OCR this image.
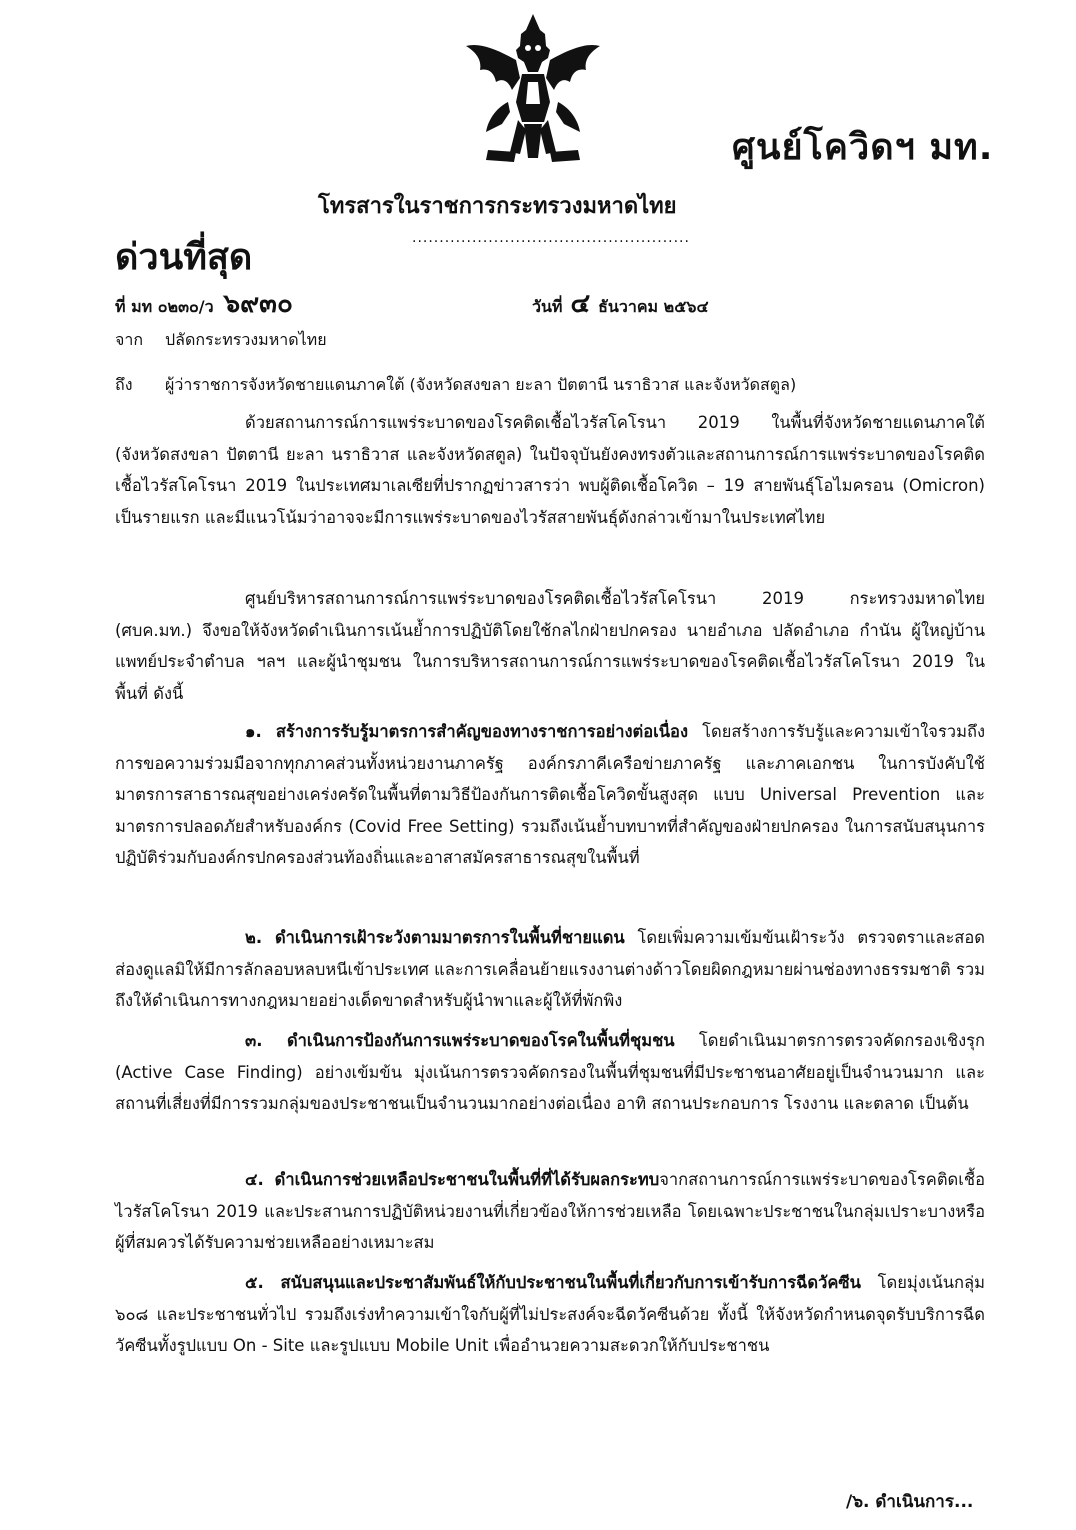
ศูนย์โควิดฯ มท.
โทรสารในราชการกระทรวงมหาดไทย
...................................................
ด่วนที่สุด
ที่ มท ๐๒๓๐/ว ๖๙๓๐	วันที่ ๔ ธันวาคม ๒๕๖๔
จาก ปลัดกระทรวงมหาดไทย
ถึง ผู้ว่าราชการจังหวัดชายแดนภาคใต้ (จังหวัดสงขลา ยะลา ปัตตานี นราธิวาส และจังหวัดสตูล)
ด้วยสถานการณ์การแพร่ระบาดของโรคติดเชื้อไวรัสโคโรนา 2019 ในพื้นที่จังหวัดชายแดนภาคใต้ (จังหวัดสงขลา ปัตตานี ยะลา นราธิวาส และจังหวัดสตูล) ในปัจจุบันยังคงทรงตัวและสถานการณ์การแพร่ระบาดของโรคติดเชื้อไวรัสโคโรนา 2019 ในประเทศมาเลเซียที่ปรากฏข่าวสารว่า พบผู้ติดเชื้อโควิด – 19 สายพันธุ์โอไมครอน (Omicron) เป็นรายแรก และมีแนวโน้มว่าอาจจะมีการแพร่ระบาดของไวรัสสายพันธุ์ดังกล่าวเข้ามาในประเทศไทย
ศูนย์บริหารสถานการณ์การแพร่ระบาดของโรคติดเชื้อไวรัสโคโรนา 2019 กระทรวงมหาดไทย (ศบค.มท.) จึงขอให้จังหวัดดำเนินการเน้นย้ำการปฏิบัติโดยใช้กลไกฝ่ายปกครอง นายอำเภอ ปลัดอำเภอ กำนัน ผู้ใหญ่บ้าน แพทย์ประจำตำบล ฯลฯ และผู้นำชุมชน ในการบริหารสถานการณ์การแพร่ระบาดของโรคติดเชื้อไวรัสโคโรนา 2019 ในพื้นที่ ดังนี้
๑. สร้างการรับรู้มาตรการสำคัญของทางราชการอย่างต่อเนื่อง โดยสร้างการรับรู้และความเข้าใจรวมถึงการขอความร่วมมือจากทุกภาคส่วนทั้งหน่วยงานภาครัฐ องค์กรภาคีเครือข่ายภาครัฐ และภาคเอกชน ในการบังคับใช้มาตรการสาธารณสุขอย่างเคร่งครัดในพื้นที่ตามวิธีป้องกันการติดเชื้อโควิดขั้นสูงสุด แบบ Universal Prevention และมาตรการปลอดภัยสำหรับองค์กร (Covid Free Setting) รวมถึงเน้นย้ำบทบาทที่สำคัญของฝ่ายปกครอง ในการสนับสนุนการปฏิบัติร่วมกับองค์กรปกครองส่วนท้องถิ่นและอาสาสมัครสาธารณสุขในพื้นที่
๒. ดำเนินการเฝ้าระวังตามมาตรการในพื้นที่ชายแดน โดยเพิ่มความเข้มข้นเฝ้าระวัง ตรวจตราและสอดส่องดูแลมิให้มีการลักลอบหลบหนีเข้าประเทศ และการเคลื่อนย้ายแรงงานต่างด้าวโดยผิดกฎหมายผ่านช่องทางธรรมชาติ รวมถึงให้ดำเนินการทางกฎหมายอย่างเด็ดขาดสำหรับผู้นำพาและผู้ให้ที่พักพิง
๓. ดำเนินการป้องกันการแพร่ระบาดของโรคในพื้นที่ชุมชน โดยดำเนินมาตรการตรวจคัดกรองเชิงรุก (Active Case Finding) อย่างเข้มข้น มุ่งเน้นการตรวจคัดกรองในพื้นที่ชุมชนที่มีประชาชนอาศัยอยู่เป็นจำนวนมาก และสถานที่เสี่ยงที่มีการรวมกลุ่มของประชาชนเป็นจำนวนมากอย่างต่อเนื่อง อาทิ สถานประกอบการ โรงงาน และตลาด เป็นต้น
๔. ดำเนินการช่วยเหลือประชาชนในพื้นที่ที่ได้รับผลกระทบจากสถานการณ์การแพร่ระบาดของโรคติดเชื้อไวรัสโคโรนา 2019 และประสานการปฏิบัติหน่วยงานที่เกี่ยวข้องให้การช่วยเหลือ โดยเฉพาะประชาชนในกลุ่มเปราะบางหรือผู้ที่สมควรได้รับความช่วยเหลืออย่างเหมาะสม
๕. สนับสนุนและประชาสัมพันธ์ให้กับประชาชนในพื้นที่เกี่ยวกับการเข้ารับการฉีดวัคซีน โดยมุ่งเน้นกลุ่ม ๖๐๘ และประชาชนทั่วไป รวมถึงเร่งทำความเข้าใจกับผู้ที่ไม่ประสงค์จะฉีดวัคซีนด้วย ทั้งนี้ ให้จังหวัดกำหนดจุดรับบริการฉีดวัคซีนทั้งรูปแบบ On - Site และรูปแบบ Mobile Unit เพื่ออำนวยความสะดวกให้กับประชาชน
/๖. ดำเนินการ...
